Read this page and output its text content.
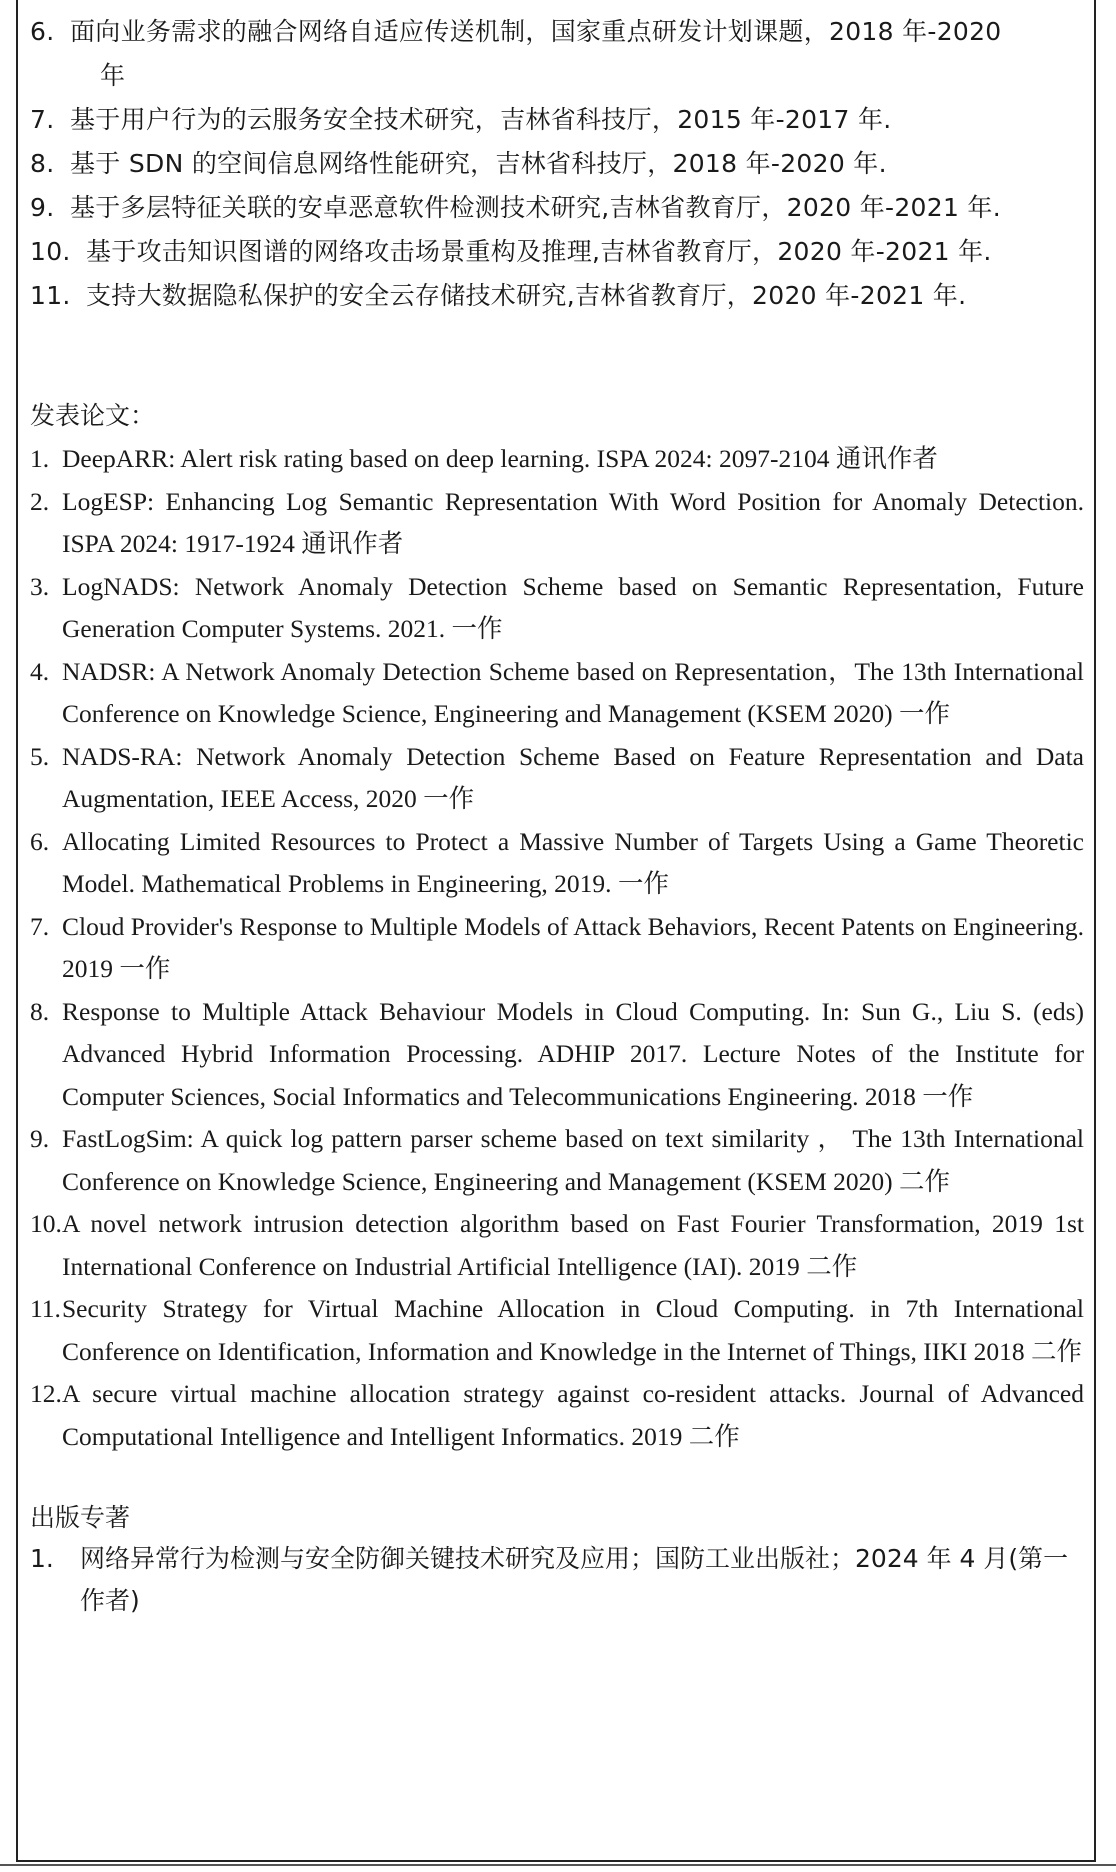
6. 面向业务需求的融合网络自适应传送机制，国家重点研发计划课题，2018 年-2020
年
7. 基于用户行为的云服务安全技术研究，吉林省科技厅，2015 年-2017 年.
8. 基于 SDN 的空间信息网络性能研究，吉林省科技厅，2018 年-2020 年.
9. 基于多层特征关联的安卓恶意软件检测技术研究,吉林省教育厅，2020 年-2021 年.
10. 基于攻击知识图谱的网络攻击场景重构及推理,吉林省教育厅，2020 年-2021 年.
11. 支持大数据隐私保护的安全云存储技术研究,吉林省教育厅，2020 年-2021 年.
发表论文：
1. DeepARR: Alert risk rating based on deep learning. ISPA 2024: 2097-2104 通讯作者
2. LogESP: Enhancing Log Semantic Representation With Word Position for Anomaly Detection. ISPA 2024: 1917-1924 通讯作者
3. LogNADS: Network Anomaly Detection Scheme based on Semantic Representation, Future Generation Computer Systems. 2021. 一作
4. NADSR: A Network Anomaly Detection Scheme based on Representation，The 13th International Conference on Knowledge Science, Engineering and Management (KSEM 2020) 一作
5. NADS-RA: Network Anomaly Detection Scheme Based on Feature Representation and Data Augmentation, IEEE Access, 2020 一作
6. Allocating Limited Resources to Protect a Massive Number of Targets Using a Game Theoretic Model. Mathematical Problems in Engineering, 2019. 一作
7. Cloud Provider's Response to Multiple Models of Attack Behaviors, Recent Patents on Engineering. 2019 一作
8. Response to Multiple Attack Behaviour Models in Cloud Computing. In: Sun G., Liu S. (eds) Advanced Hybrid Information Processing. ADHIP 2017. Lecture Notes of the Institute for Computer Sciences, Social Informatics and Telecommunications Engineering. 2018 一作
9. FastLogSim: A quick log pattern parser scheme based on text similarity ， The 13th International Conference on Knowledge Science, Engineering and Management (KSEM 2020) 二作
10. A novel network intrusion detection algorithm based on Fast Fourier Transformation, 2019 1st International Conference on Industrial Artificial Intelligence (IAI). 2019 二作
11. Security Strategy for Virtual Machine Allocation in Cloud Computing. in 7th International Conference on Identification, Information and Knowledge in the Internet of Things, IIKI 2018 二作
12. A secure virtual machine allocation strategy against co-resident attacks. Journal of Advanced Computational Intelligence and Intelligent Informatics. 2019 二作
出版专著
1. 网络异常行为检测与安全防御关键技术研究及应用；国防工业出版社；2024 年 4 月(第一作者)
